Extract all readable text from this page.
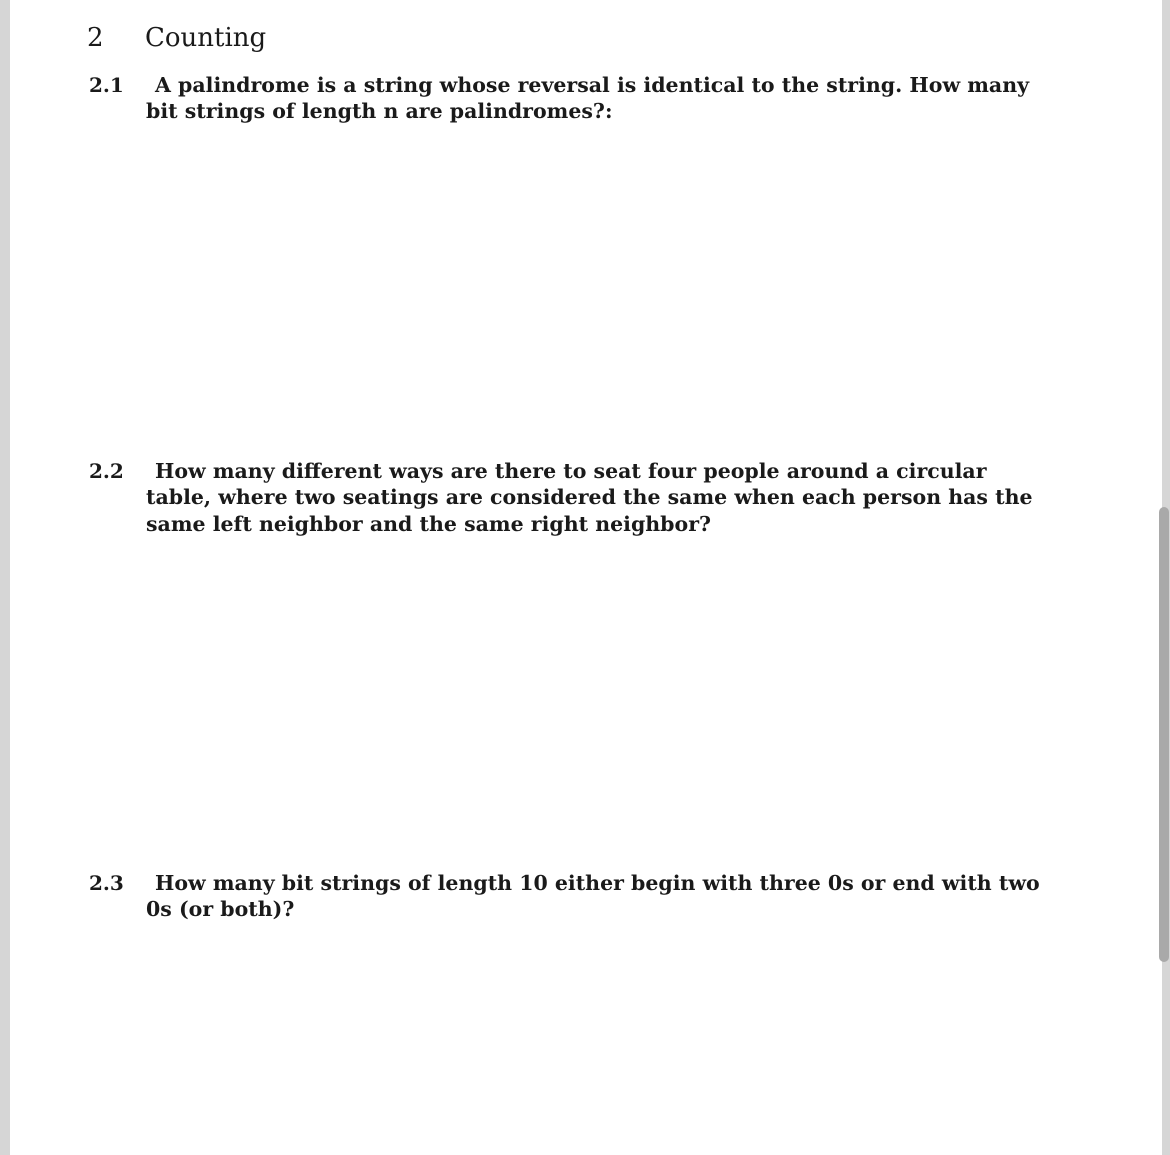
2 Counting
2.1	A palindrome is a string whose reversal is identical to the string. How many bit strings of length n are palindromes?:
2.2	How many different ways are there to seat four people around a circular table, where two seatings are considered the same when each person has the same left neighbor and the same right neighbor?
2.3	How many bit strings of length 10 either begin with three 0s or end with two 0s (or both)?
